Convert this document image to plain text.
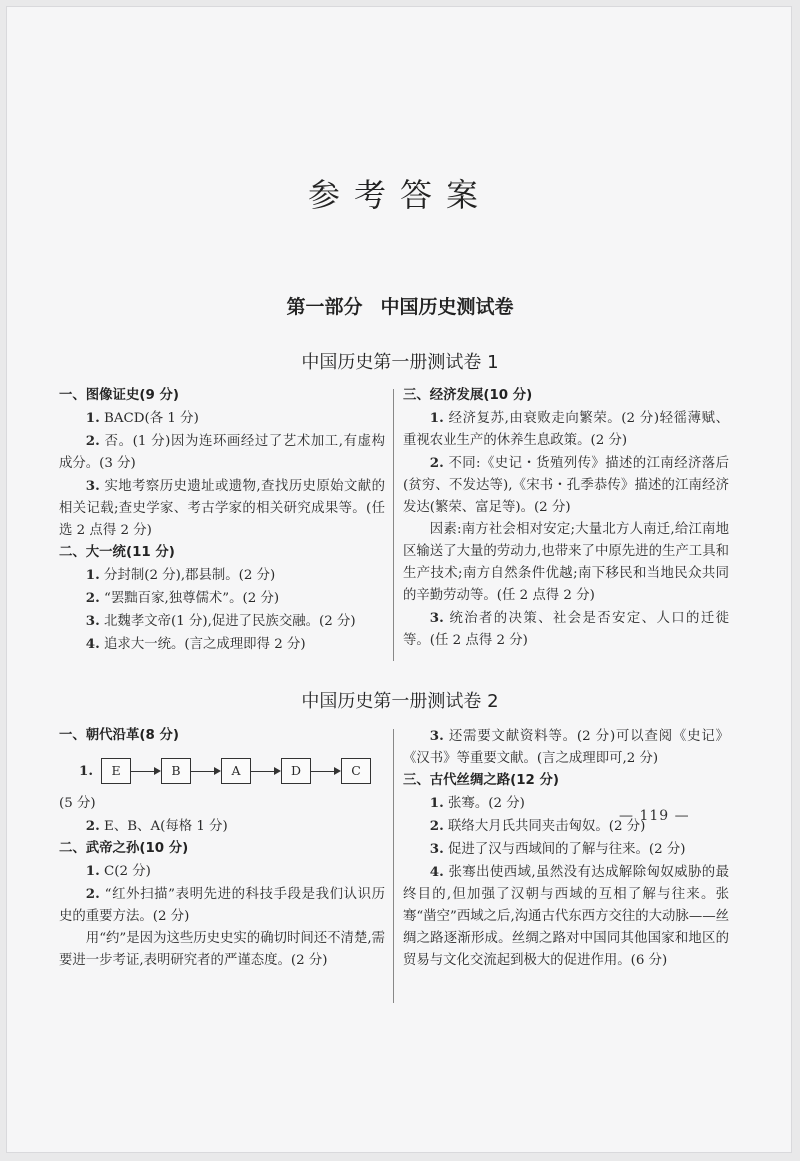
参考答案
第一部分 中国历史测试卷
中国历史第一册测试卷 1

一、图像证史(9 分)

1. BACD(各 1 分)

2. 否。(1 分)因为连环画经过了艺术加工,有虚构成分。(3 分)

3. 实地考察历史遗址或遗物,查找历史原始文献的相关记载;查史学家、考古学家的相关研究成果等。(任选 2 点得 2 分)

二、大一统(11 分)

1. 分封制(2 分),郡县制。(2 分)

2. “罢黜百家,独尊儒术”。(2 分)

3. 北魏孝文帝(1 分),促进了民族交融。(2 分)

4. 追求大一统。(言之成理即得 2 分)

三、经济发展(10 分)

1. 经济复苏,由衰败走向繁荣。(2 分)轻徭薄赋、重视农业生产的休养生息政策。(2 分)

2. 不同:《史记・货殖列传》描述的江南经济落后(贫穷、不发达等),《宋书・孔季恭传》描述的江南经济发达(繁荣、富足等)。(2 分)

因素:南方社会相对安定;大量北方人南迁,给江南地区输送了大量的劳动力,也带来了中原先进的生产工具和生产技术;南方自然条件优越;南下移民和当地民众共同的辛勤劳动等。(任 2 点得 2 分)

3. 统治者的决策、社会是否安定、人口的迁徙等。(任 2 点得 2 分)

中国历史第一册测试卷 2

一、朝代沿革(8 分)

1.	E	B	A	D	C

(5 分)

2. E、B、A(每格 1 分)

二、武帝之孙(10 分)

1. C(2 分)

2. “红外扫描”表明先进的科技手段是我们认识历史的重要方法。(2 分)

用“约”是因为这些历史史实的确切时间还不清楚,需要进一步考证,表明研究者的严谨态度。(2 分)

3. 还需要文献资料等。(2 分)可以查阅《史记》《汉书》等重要文献。(言之成理即可,2 分)

三、古代丝绸之路(12 分)

1. 张骞。(2 分)

2. 联络大月氏共同夹击匈奴。(2 分)

3. 促进了汉与西域间的了解与往来。(2 分)

4. 张骞出使西域,虽然没有达成解除匈奴威胁的最终目的,但加强了汉朝与西域的互相了解与往来。张骞“凿空”西域之后,沟通古代东西方交往的大动脉——丝绸之路逐渐形成。丝绸之路对中国同其他国家和地区的贸易与文化交流起到极大的促进作用。(6 分)

— 119 —
